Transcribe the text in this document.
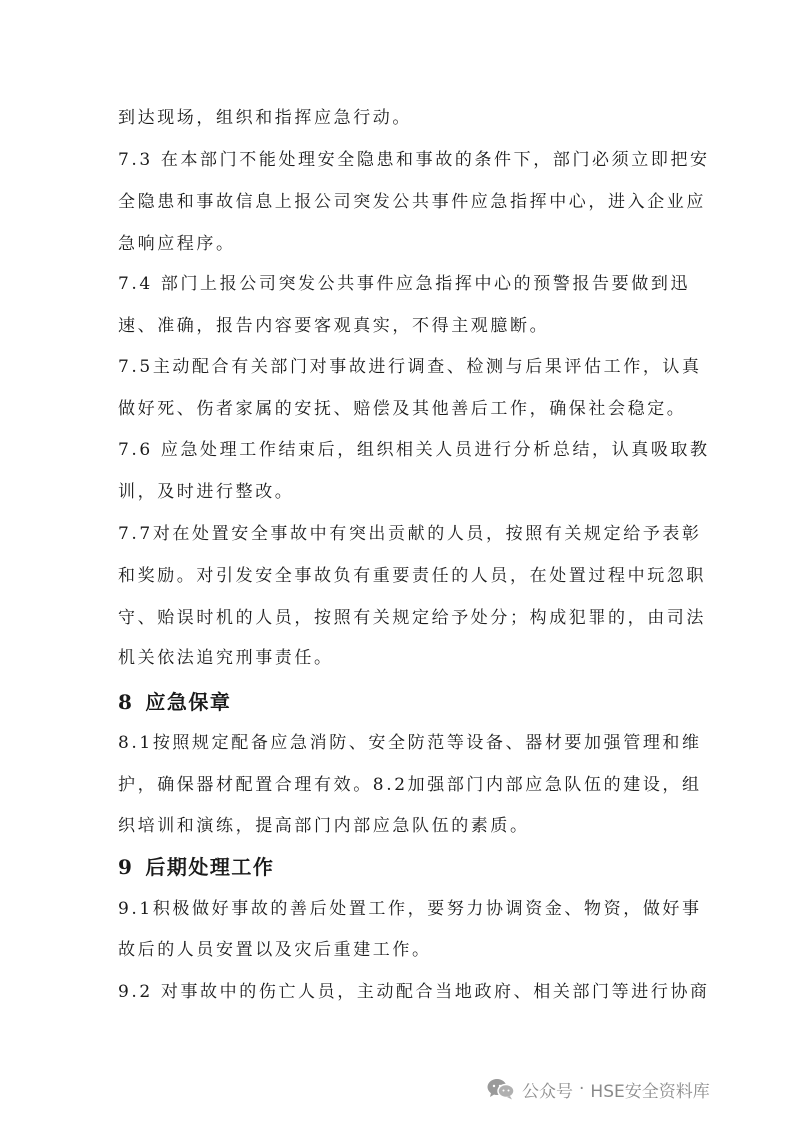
到达现场，组织和指挥应急行动。
7.3 在本部门不能处理安全隐患和事故的条件下，部门必须立即把安
全隐患和事故信息上报公司突发公共事件应急指挥中心，进入企业应
急响应程序。
7.4 部门上报公司突发公共事件应急指挥中心的预警报告要做到迅
速、准确，报告内容要客观真实，不得主观臆断。
7.5主动配合有关部门对事故进行调查、检测与后果评估工作，认真
做好死、伤者家属的安抚、赔偿及其他善后工作，确保社会稳定。
7.6 应急处理工作结束后，组织相关人员进行分析总结，认真吸取教
训，及时进行整改。
7.7对在处置安全事故中有突出贡献的人员，按照有关规定给予表彰
和奖励。对引发安全事故负有重要责任的人员，在处置过程中玩忽职
守、贻误时机的人员，按照有关规定给予处分；构成犯罪的，由司法
机关依法追究刑事责任。
8 应急保章
8.1按照规定配备应急消防、安全防范等设备、器材要加强管理和维
护，确保器材配置合理有效。8.2加强部门内部应急队伍的建设，组
织培训和演练，提高部门内部应急队伍的素质。
9 后期处理工作
9.1积极做好事故的善后处置工作，要努力协调资金、物资，做好事
故后的人员安置以及灾后重建工作。
9.2 对事故中的伤亡人员，主动配合当地政府、相关部门等进行协商
公众号 · HSE安全资料库
